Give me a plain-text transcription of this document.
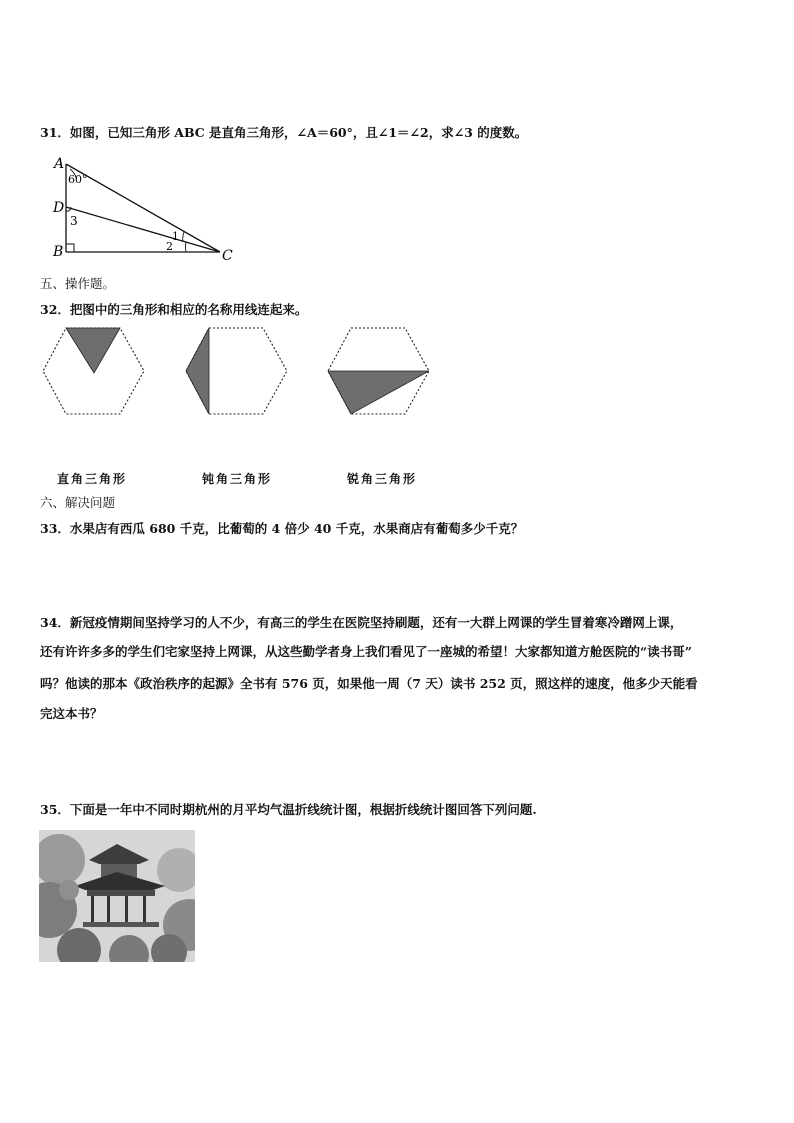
31．如图，已知三角形 ABC 是直角三角形，∠A＝60°，且∠1＝∠2，求∠3 的度数。
A
60°
D
3
B
1
2
C
五、操作题。
32．把图中的三角形和相应的名称用线连起来。
直角三角形	钝角三角形	锐角三角形
六、解决问题
33．水果店有西瓜 680 千克，比葡萄的 4 倍少 40 千克，水果商店有葡萄多少千克？
34．新冠疫情期间坚持学习的人不少，有高三的学生在医院坚持刷题，还有一大群上网课的学生冒着寒冷蹭网上课，
还有许许多多的学生们宅家坚持上网课，从这些勤学者身上我们看见了一座城的希望！大家都知道方舱医院的“读书哥”
吗？他读的那本《政治秩序的起源》全书有 576 页，如果他一周（7 天）读书 252 页，照这样的速度，他多少天能看
完这本书？
35．下面是一年中不同时期杭州的月平均气温折线统计图，根据折线统计图回答下列问题.
